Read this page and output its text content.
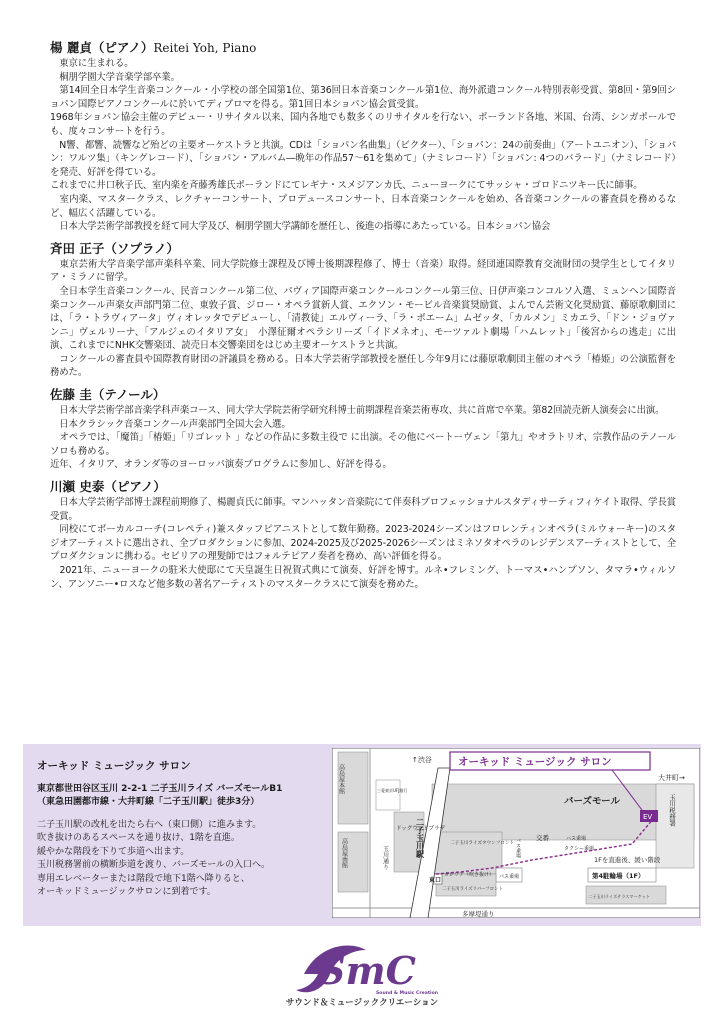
楊 麗貞（ピアノ）Reitei Yoh, Piano

　東京に生まれる。

　桐朋学園大学音楽学部卒業。

　第14回全日本学生音楽コンクール・小学校の部全国第1位、第36回日本音楽コンクール第1位、海外派遣コンクール特別表彰受賞、第8回・第9回ショパン国際ピアノコンクールに於いてディプロマを得る。第1回日本ショパン協会賞受賞。

1968年ショパン協会主催のデビュー・リサイタル以来、国内各地でも数多くのリサイタルを行ない、ポーランド各地、米国、台湾、シンガポールでも、度々コンサートを行う。

　N響、都響、読響など殆どの主要オーケストラと共演。CDは「ショパン名曲集」（ビクター）、「ショパン：24の前奏曲」（アートユニオン）、「ショパン：ワルツ集」（キングレコード）、「ショパン・アルバム―晩年の作品57～61を集めて」（ナミレコード）「ショパン: 4つのバラード」（ナミレコード）を発売、好評を得ている。

これまでに井口秋子氏、室内楽を斉藤秀雄氏ポーランドにてレギナ・スメジアンカ氏、ニューヨークにてサッシャ・ゴロドニツキー氏に師事。

　室内楽、マスタークラス、レクチャーコンサート、プロデュースコンサート、日本音楽コンクールを始め、各音楽コンクールの審査員を務めるなど、幅広く活躍している。

　日本大学芸術学部教授を経て同大学及び、桐朋学園大学講師を歴任し、後進の指導にあたっている。日本ショパン協会

斉田 正子（ソプラノ）

　東京芸術大学音楽学部声楽科卒業、同大学院修士課程及び博士後期課程修了、博士（音楽）取得。経団連国際教育交流財団の奨学生としてイタリア・ミラノに留学。

　全日本学生音楽コンクール、民音コンクール第二位、パヴィア国際声楽コンクールコンクール第三位、日伊声楽コンコルソ入選、ミュンヘン国際音楽コンクール声楽女声部門第二位、東敦子賞、ジロー・オペラ賞新人賞、エクソン・モービル音楽賞奨励賞、よんでん芸術文化奨励賞、藤原歌劇団には、「ラ・トラヴィアータ」ヴィオレッタでデビューし、「清教徒」エルヴィーラ、「ラ・ボエーム」ムゼッタ、「カルメン」ミカエラ、「ドン・ジョヴァンニ」ヴェルリーナ、「アルジェのイタリア女」　小澤征爾オペラシリーズ「イドメネオ」、モーツァルト劇場「ハムレット」「後宮からの逃走」に出演、これまでにNHK交響楽団、読売日本交響楽団をはじめ主要オーケストラと共演。

　コンクールの審査員や国際教育財団の評議員を務める。日本大学芸術学部教授を歴任し今年9月には藤原歌劇団主催のオペラ「椿姫」の公演監督を務めた。

佐藤 圭（テノール）

　日本大学芸術学部音楽学科声楽コース、同大学大学院芸術学研究科博士前期課程音楽芸術専攻、共に首席で卒業。第82回読売新人演奏会に出演。

　日本クラシック音楽コンクール声楽部門全国大会入選。

　オペラでは、「魔笛」「椿姫」「リゴレット 」などの作品に多数主役で に出演。その他にベートーヴェン「第九」やオラトリオ、宗教作品のテノールソロも務める。

近年、イタリア、オランダ等のヨーロッパ演奏プログラムに参加し、好評を得る。

川瀬 史泰（ピアノ）

　日本大学芸術学部博士課程前期修了、楊麗貞氏に師事。マンハッタン音楽院にて伴奏科プロフェッショナルスタディサーティフィケイト取得、学長賞受賞。

　同校にてボーカルコーチ(コレペティ)兼スタッフピアニストとして数年勤務。2023-2024シーズンはフロレンティンオペラ(ミルウォーキー)のスタジオアーティストに選出され、全プロダクションに参加、2024-2025及び2025-2026シーズンはミネソタオペラのレジデンスアーティストとして、全プロダクションに携わる。セビリアの理髪師ではフォルテピアノ奏者を務め、高い評価を得る。

　2021年、ニューヨークの駐米大使邸にて天皇誕生日祝賀式典にて演奏、好評を博す。ルネ•フレミング、トーマス•ハンプソン、タマラ•ウィルソン、アンソニー•ロスなど他多数の著名アーティストのマスタークラスにて演奏を務めた。

オーキッド ミュージック サロン

東京都世田谷区玉川 2-2-1 二子玉川ライズ バーズモールB1

（東急田園都市線・大井町線「二子玉川駅」徒歩3分）

二子玉川駅の改札を出たら右へ（東口側）に進みます。

吹き抜けのあるスペースを通り抜け、1階を直進。

緩やかな階段を下りて歩道へ出ます。

玉川税務署前の横断歩道を渡り、バーズモールの入口へ。

専用エレベーターまたは階段で地下1階へ降りると、

オーキッドミュージックサロンに到着です。

オーキッド ミュージック サロン
EV
高島屋本館
高島屋南館
↑渋谷
三菱東京UFJ銀行
ドッグウッドプラザ
玉川通り
大井町→
バーズモール	玉川税務署
二子玉川ライズタウンフロント バス乗場 交番	バス乗場
タクシー乗場
東口
ガレリア（吹き抜け）
1Fを直進後、緩い階段
第4駐輪場（1F）
二子玉川ライズリバーフロント
バス乗場
二子玉川ライズテラスマーケット
二子玉川駅
多摩堤通り
SmC
Sound & Music Creation
サウンド＆ミュージッククリエーション
